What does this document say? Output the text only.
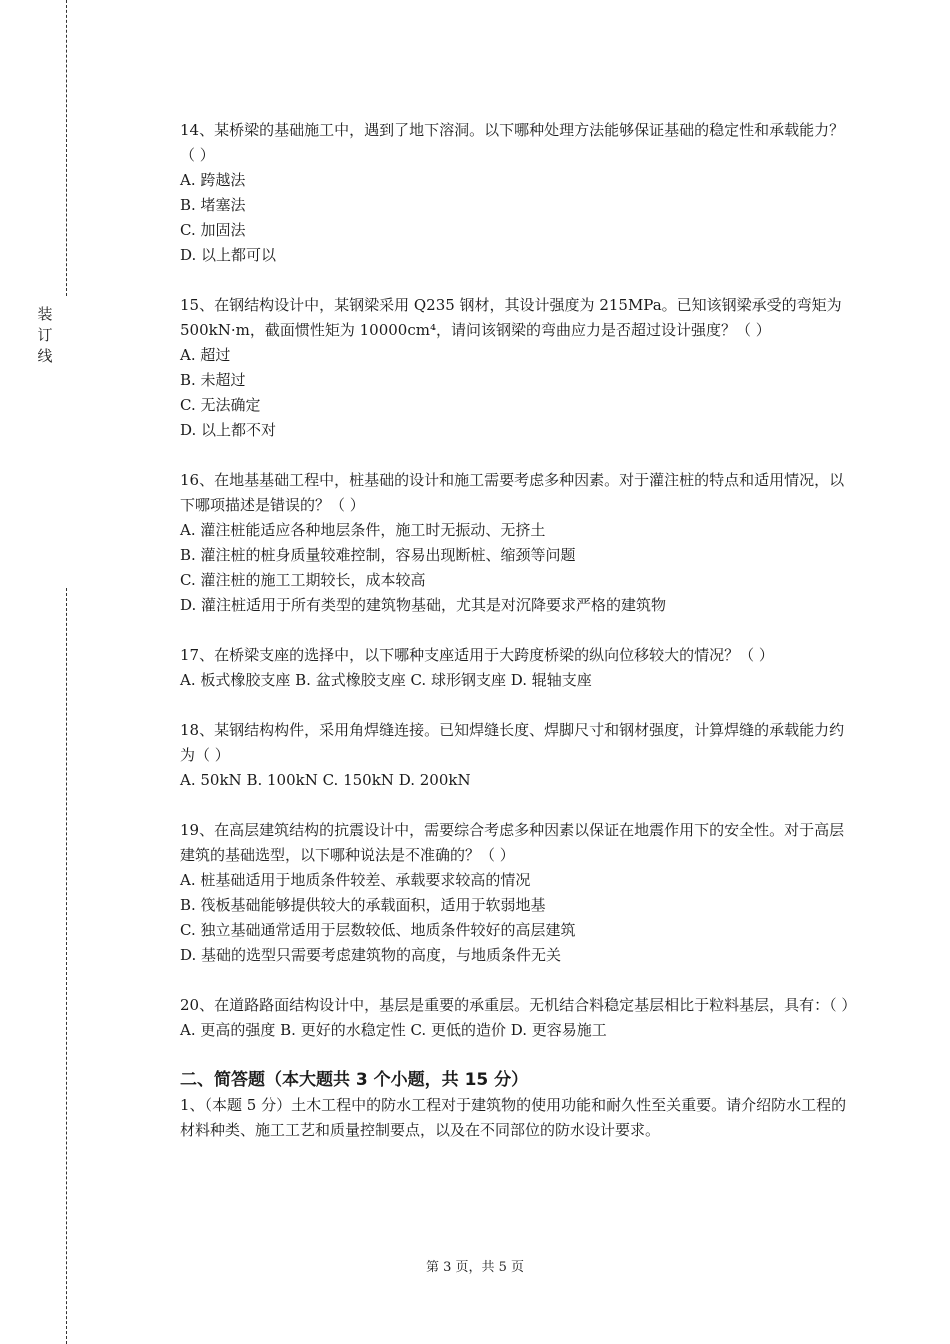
装
订
线

14、某桥梁的基础施工中，遇到了地下溶洞。以下哪种处理方法能够保证基础的稳定性和承载能力？（ ）

A. 跨越法

B. 堵塞法

C. 加固法

D. 以上都可以

15、在钢结构设计中，某钢梁采用 Q235 钢材，其设计强度为 215MPa。已知该钢梁承受的弯矩为 500kN·m，截面惯性矩为 10000cm⁴，请问该钢梁的弯曲应力是否超过设计强度？（ ）

A. 超过

B. 未超过

C. 无法确定

D. 以上都不对

16、在地基基础工程中，桩基础的设计和施工需要考虑多种因素。对于灌注桩的特点和适用情况，以下哪项描述是错误的？（ ）

A. 灌注桩能适应各种地层条件，施工时无振动、无挤土

B. 灌注桩的桩身质量较难控制，容易出现断桩、缩颈等问题

C. 灌注桩的施工工期较长，成本较高

D. 灌注桩适用于所有类型的建筑物基础，尤其是对沉降要求严格的建筑物

17、在桥梁支座的选择中，以下哪种支座适用于大跨度桥梁的纵向位移较大的情况？（ ）

A. 板式橡胶支座 B. 盆式橡胶支座 C. 球形钢支座 D. 辊轴支座

18、某钢结构构件，采用角焊缝连接。已知焊缝长度、焊脚尺寸和钢材强度，计算焊缝的承载能力约为（ ）

A. 50kN B. 100kN C. 150kN D. 200kN

19、在高层建筑结构的抗震设计中，需要综合考虑多种因素以保证在地震作用下的安全性。对于高层建筑的基础选型，以下哪种说法是不准确的？（ ）

A. 桩基础适用于地质条件较差、承载要求较高的情况

B. 筏板基础能够提供较大的承载面积，适用于软弱地基

C. 独立基础通常适用于层数较低、地质条件较好的高层建筑

D. 基础的选型只需要考虑建筑物的高度，与地质条件无关

20、在道路路面结构设计中，基层是重要的承重层。无机结合料稳定基层相比于粒料基层，具有：（ ）

A. 更高的强度 B. 更好的水稳定性 C. 更低的造价 D. 更容易施工

二、简答题（本大题共 3 个小题，共 15 分）

1、（本题 5 分）土木工程中的防水工程对于建筑物的使用功能和耐久性至关重要。请介绍防水工程的材料种类、施工工艺和质量控制要点，以及在不同部位的防水设计要求。

第 3 页，共 5 页
